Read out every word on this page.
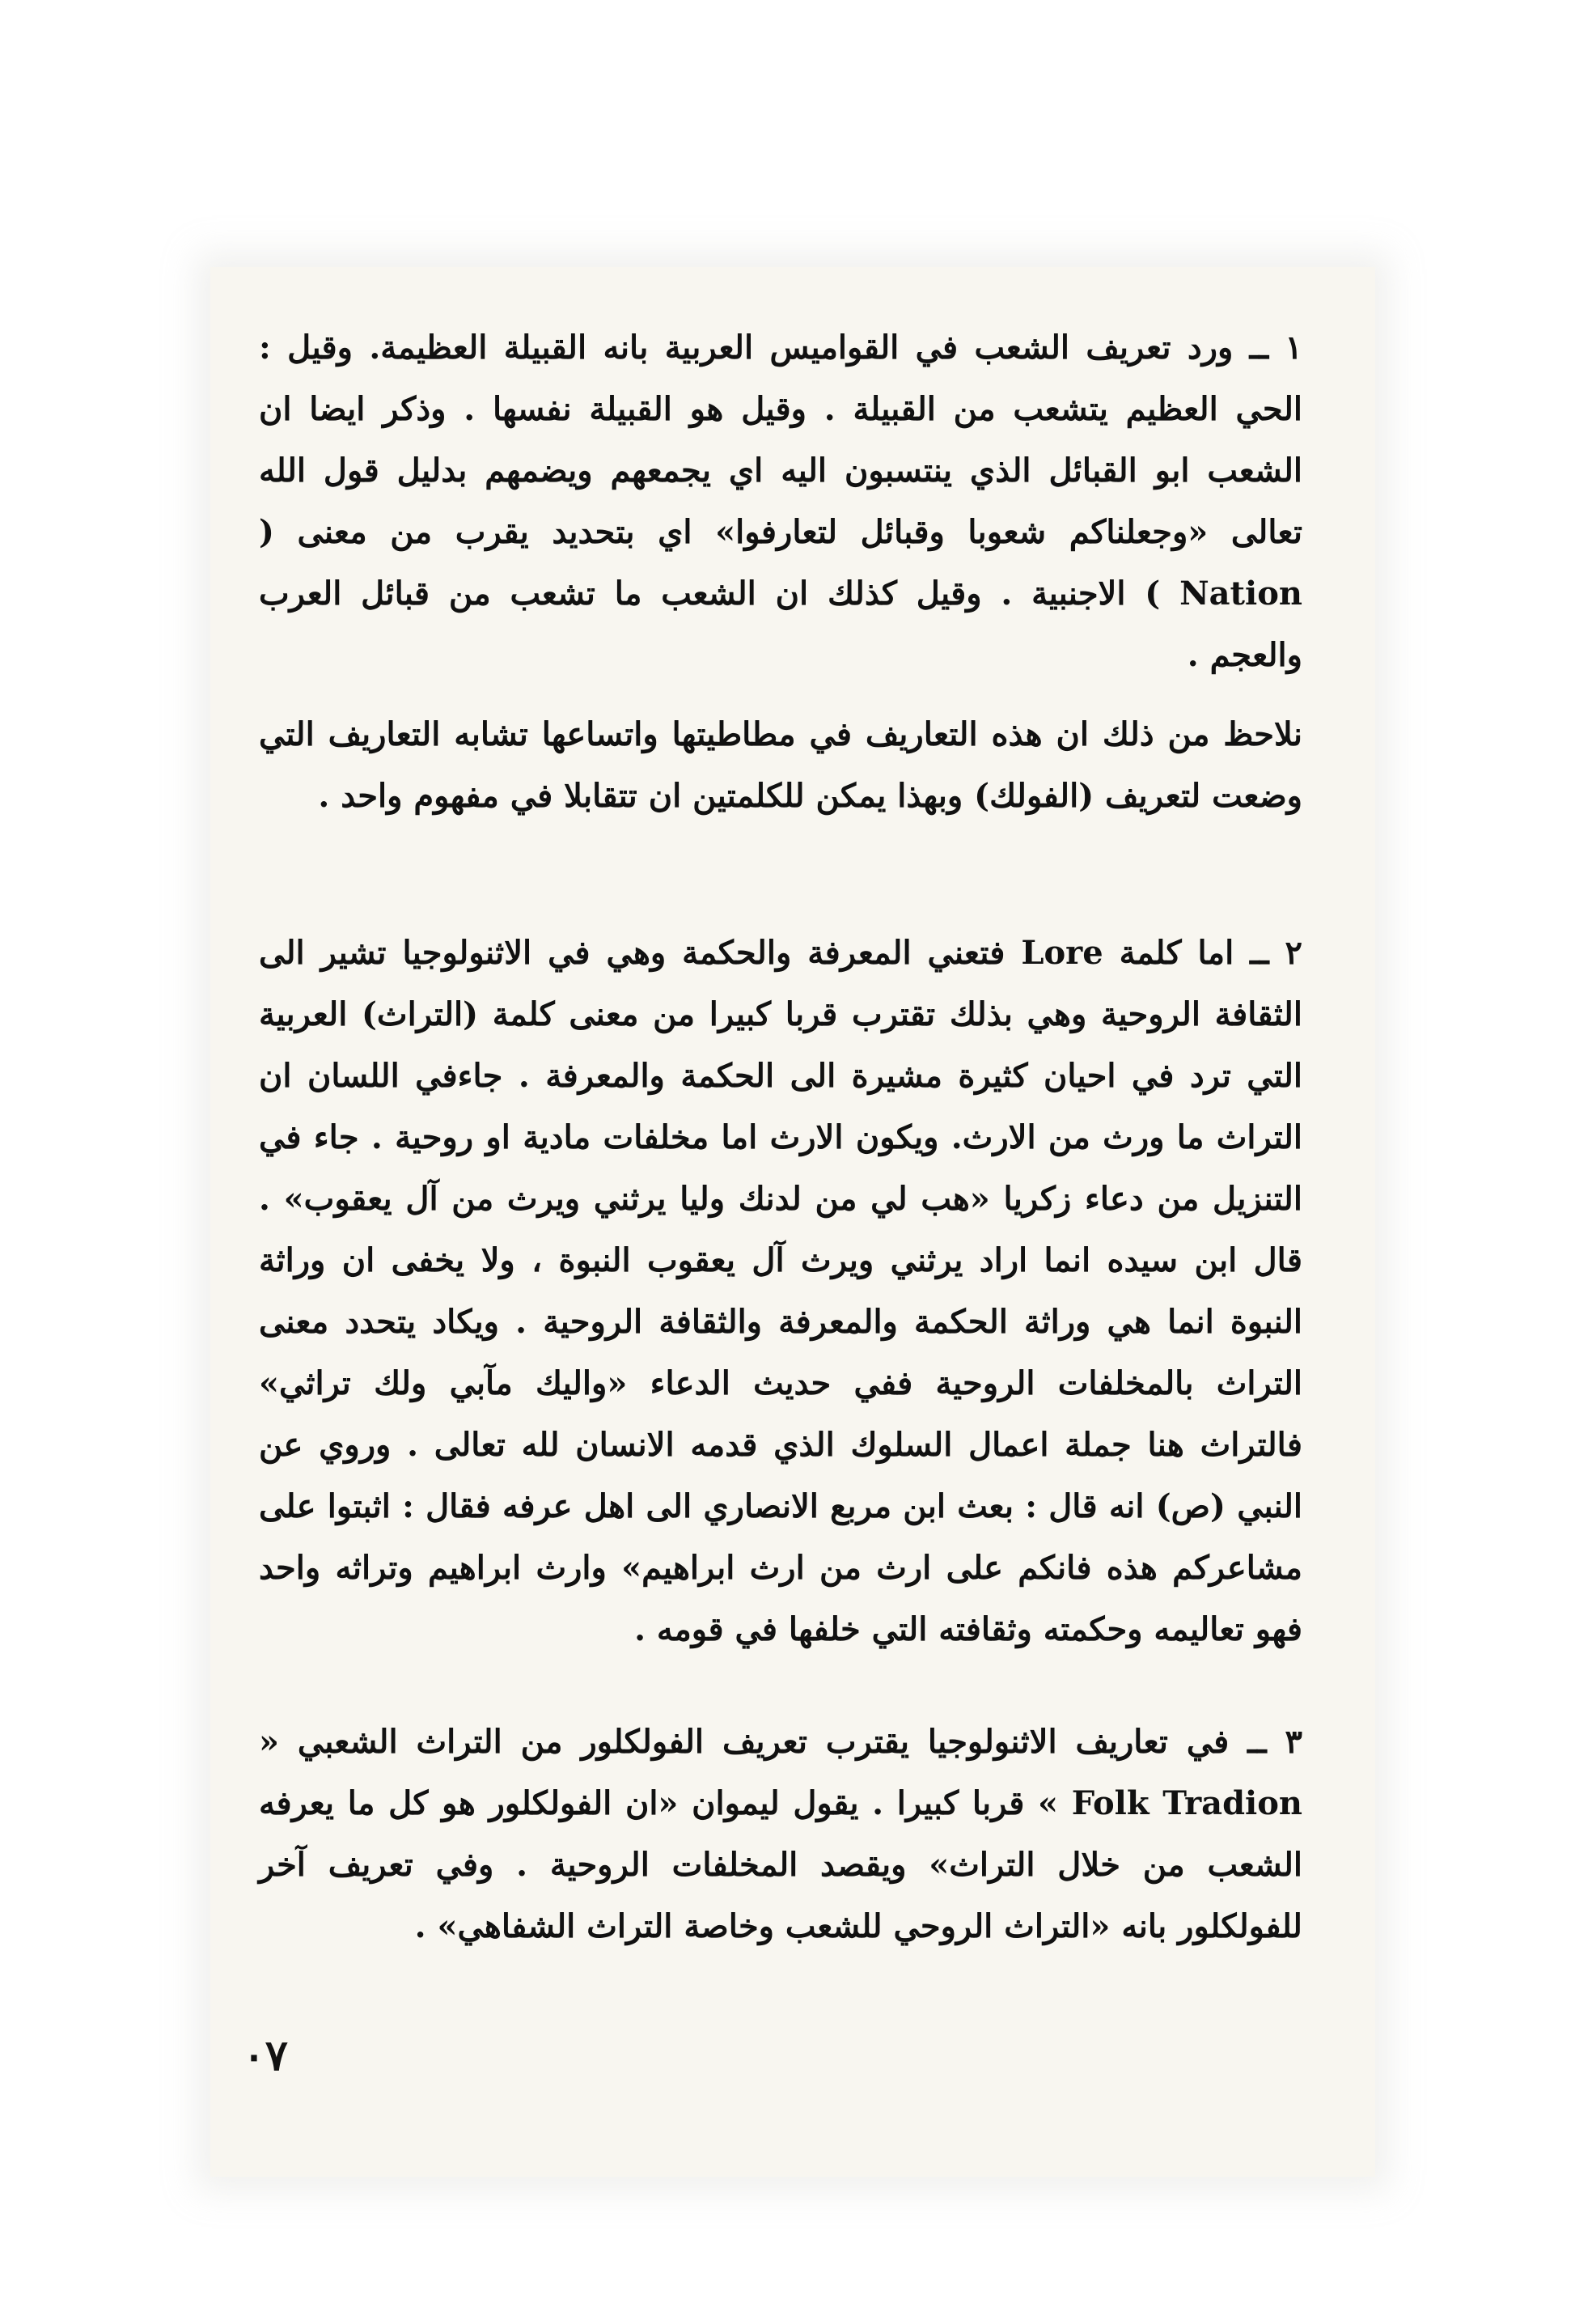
١ ــ ورد تعريف الشعب في القواميس العربية بانه القبيلة العظيمة. وقيل : الحي العظيم يتشعب من القبيلة . وقيل هو القبيلة نفسها . وذكر ايضا ان الشعب ابو القبائل الذي ينتسبون اليه اي يجمعهم ويضمهم بدليل قول الله تعالى «وجعلناكم شعوبا وقبائل لتعارفوا» اي بتحديد يقرب من معنى ( Nation ) الاجنبية . وقيل كذلك ان الشعب ما تشعب من قبائل العرب والعجم .

نلاحظ من ذلك ان هذه التعاريف في مطاطيتها واتساعها تشابه التعاريف التي وضعت لتعريف (الفولك) وبهذا يمكن للكلمتين ان تتقابلا في مفهوم واحد .

٢ ــ اما كلمة Lore فتعني المعرفة والحكمة وهي في الاثنولوجيا تشير الى الثقافة الروحية وهي بذلك تقترب قربا كبيرا من معنى كلمة (التراث) العربية التي ترد في احيان كثيرة مشيرة الى الحكمة والمعرفة . جاءفي اللسان ان التراث ما ورث من الارث. ويكون الارث اما مخلفات مادية او روحية . جاء في التنزيل من دعاء زكريا «هب لي من لدنك وليا يرثني ويرث من آل يعقوب» . قال ابن سيده انما اراد يرثني ويرث آل يعقوب النبوة ، ولا يخفى ان وراثة النبوة انما هي وراثة الحكمة والمعرفة والثقافة الروحية . ويكاد يتحدد معنى التراث بالمخلفات الروحية ففي حديث الدعاء «واليك مآبي ولك تراثي» فالتراث هنا جملة اعمال السلوك الذي قدمه الانسان لله تعالى . وروي عن النبي (ص) انه قال : بعث ابن مربع الانصاري الى اهل عرفه فقال : اثبتوا على مشاعركم هذه فانكم على ارث من ارث ابراهيم» وارث ابراهيم وتراثه واحد فهو تعاليمه وحكمته وثقافته التي خلفها في قومه .

٣ ــ في تعاريف الاثنولوجيا يقترب تعريف الفولكلور من التراث الشعبي « Folk Tradion » قربا كبيرا . يقول ليموان «ان الفولكلور هو كل ما يعرفه الشعب من خلال التراث» ويقصد المخلفات الروحية . وفي تعريف آخر للفولكلور بانه «التراث الروحي للشعب وخاصة التراث الشفاهي» .

٠٧
